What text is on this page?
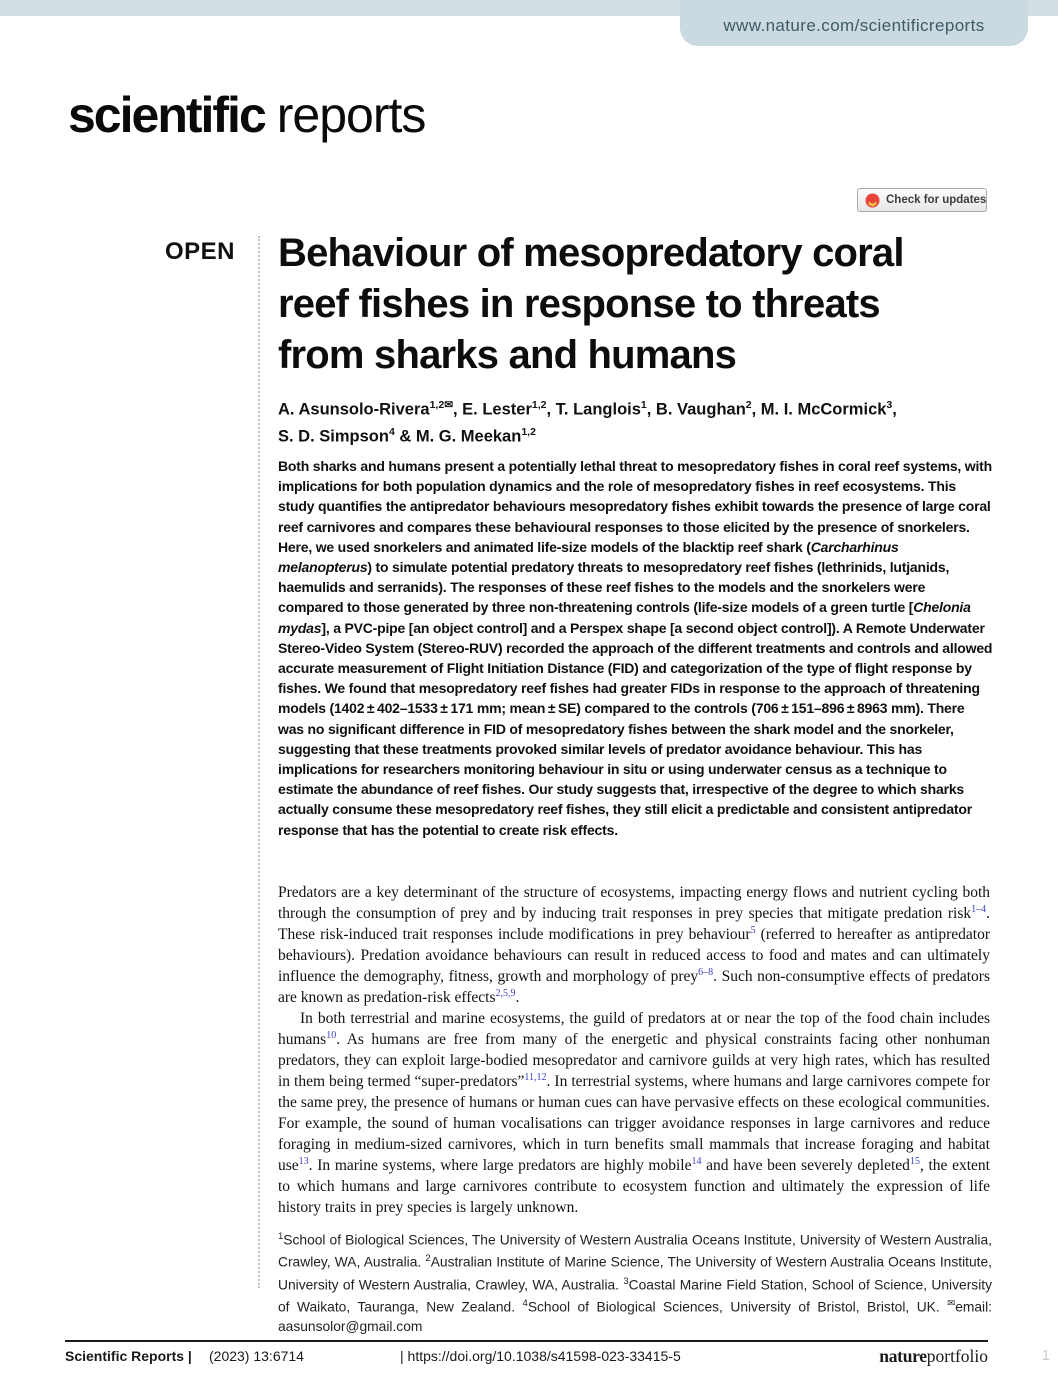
www.nature.com/scientificreports
scientific reports
Check for updates
OPEN Behaviour of mesopredatory coral reef fishes in response to threats from sharks and humans
A. Asunsolo-Rivera$^{1,2✉}$, E. Lester$^{1,2}$, T. Langlois$^1$, B. Vaughan$^2$, M. I. McCormick$^3$,
S. D. Simpson$^4$ & M. G. Meekan$^{1,2}$
Both sharks and humans present a potentially lethal threat to mesopredatory fishes in coral reef systems, with implications for both population dynamics and the role of mesopredatory fishes in reef ecosystems. This study quantifies the antipredator behaviours mesopredatory fishes exhibit towards the presence of large coral reef carnivores and compares these behavioural responses to those elicited by the presence of snorkelers. Here, we used snorkelers and animated life-size models of the blacktip reef shark (Carcharhinus melanopterus) to simulate potential predatory threats to mesopredatory reef fishes (lethrinids, lutjanids, haemulids and serranids). The responses of these reef fishes to the models and the snorkelers were compared to those generated by three non-threatening controls (life-size models of a green turtle [Chelonia mydas], a PVC-pipe [an object control] and a Perspex shape [a second object control]). A Remote Underwater Stereo-Video System (Stereo-RUV) recorded the approach of the different treatments and controls and allowed accurate measurement of Flight Initiation Distance (FID) and categorization of the type of flight response by fishes. We found that mesopredatory reef fishes had greater FIDs in response to the approach of threatening models (1402 ± 402–1533 ± 171 mm; mean ± SE) compared to the controls (706 ± 151–896 ± 8963 mm). There was no significant difference in FID of mesopredatory fishes between the shark model and the snorkeler, suggesting that these treatments provoked similar levels of predator avoidance behaviour. This has implications for researchers monitoring behaviour in situ or using underwater census as a technique to estimate the abundance of reef fishes. Our study suggests that, irrespective of the degree to which sharks actually consume these mesopredatory reef fishes, they still elicit a predictable and consistent antipredator response that has the potential to create risk effects.

Predators are a key determinant of the structure of ecosystems, impacting energy flows and nutrient cycling both through the consumption of prey and by inducing trait responses in prey species that mitigate predation risk$^{1-4}$. These risk-induced trait responses include modifications in prey behaviour$^5$ (referred to hereafter as antipredator behaviours). Predation avoidance behaviours can result in reduced access to food and mates and can ultimately influence the demography, fitness, growth and morphology of prey$^{6-8}$. Such non-consumptive effects of predators are known as predation-risk effects$^{2,5,9}$.

In both terrestrial and marine ecosystems, the guild of predators at or near the top of the food chain includes humans$^{10}$. As humans are free from many of the energetic and physical constraints facing other nonhuman predators, they can exploit large-bodied mesopredator and carnivore guilds at very high rates, which has resulted in them being termed “super-predators”$^{11,12}$. In terrestrial systems, where humans and large carnivores compete for the same prey, the presence of humans or human cues can have pervasive effects on these ecological communities. For example, the sound of human vocalisations can trigger avoidance responses in large carnivores and reduce foraging in medium-sized carnivores, which in turn benefits small mammals that increase foraging and habitat use$^{13}$. In marine systems, where large predators are highly mobile$^{14}$ and have been severely depleted$^{15}$, the extent to which humans and large carnivores contribute to ecosystem function and ultimately the expression of life history traits in prey species is largely unknown.

$^1$School of Biological Sciences, The University of Western Australia Oceans Institute, University of Western Australia, Crawley, WA, Australia. $^2$Australian Institute of Marine Science, The University of Western Australia Oceans Institute, University of Western Australia, Crawley, WA, Australia. $^3$Coastal Marine Field Station, School of Science, University of Waikato, Tauranga, New Zealand. $^4$School of Biological Sciences, University of Bristol, Bristol, UK. ✉email: aasunsolor@gmail.com
Scientific Reports | (2023) 13:6714	| https://doi.org/10.1038/s41598-023-33415-5	natureportfolio	1
